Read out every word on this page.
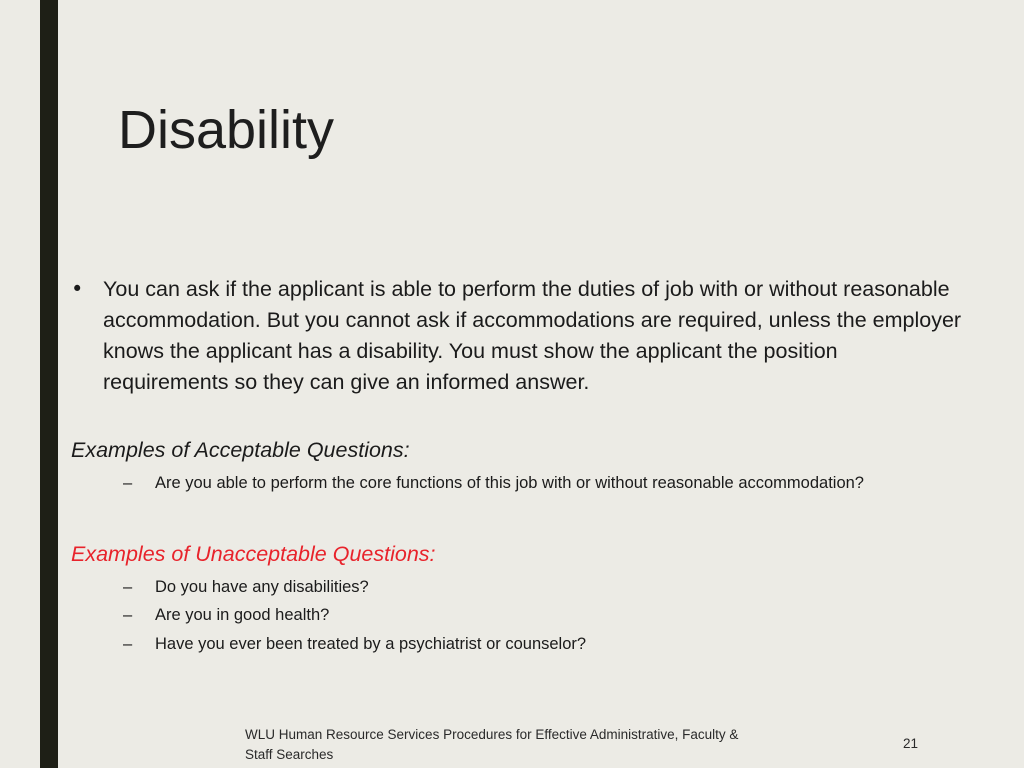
Disability
• You can ask if the applicant is able to perform the duties of job with or without reasonable accommodation. But you cannot ask if accommodations are required, unless the employer knows the applicant has a disability. You must show the applicant the position requirements so they can give an informed answer.
Examples of Acceptable Questions:
–	Are you able to perform the core functions of this job with or without reasonable accommodation?
Examples of Unacceptable Questions:
–	Do you have any disabilities?
–	Are you in good health?
–	Have you ever been treated by a psychiatrist or counselor?
WLU Human Resource Services Procedures for Effective Administrative, Faculty & Staff Searches
21
